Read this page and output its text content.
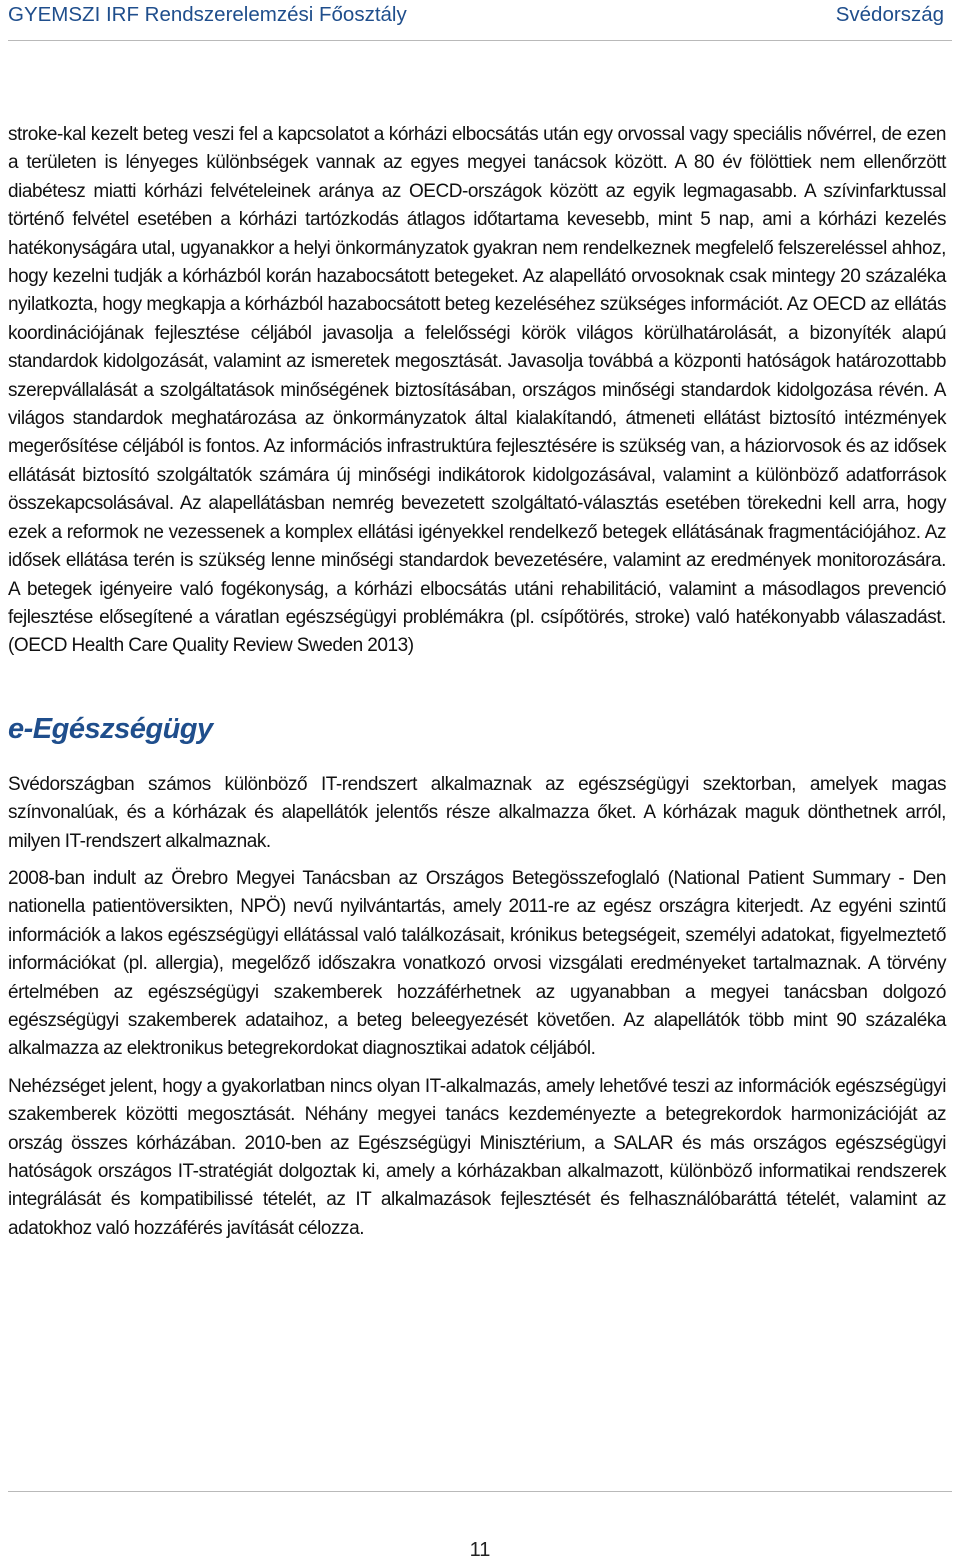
GYEMSZI IRF Rendszerelemzési Főosztály	Svédország

stroke-kal kezelt beteg veszi fel a kapcsolatot a kórházi elbocsátás után egy orvossal vagy speciális nővérrel, de ezen a területen is lényeges különbségek vannak az egyes megyei tanácsok között. A 80 év fölöttiek nem ellenőrzött diabétesz miatti kórházi felvételeinek aránya az OECD-országok között az egyik legmagasabb. A szívinfarktussal történő felvétel esetében a kórházi tartózkodás átlagos időtartama kevesebb, mint 5 nap, ami a kórházi kezelés hatékonyságára utal, ugyanakkor a helyi önkormányzatok gyakran nem rendelkeznek megfelelő felszereléssel ahhoz, hogy kezelni tudják a kórházból korán hazabocsátott betegeket. Az alapellátó orvosoknak csak mintegy 20 százaléka nyilatkozta, hogy megkapja a kórházból hazabocsátott beteg kezeléséhez szükséges információt. Az OECD az ellátás koordinációjának fejlesztése céljából javasolja a felelősségi körök világos körülhatárolását, a bizonyíték alapú standardok kidolgozását, valamint az ismeretek megosztását. Javasolja továbbá a központi hatóságok határozottabb szerepvállalását a szolgáltatások minőségének biztosításában, országos minőségi standardok kidolgozása révén. A világos standardok meghatározása az önkormányzatok által kialakítandó, átmeneti ellátást biztosító intézmények megerősítése céljából is fontos. Az információs infrastruktúra fejlesztésére is szükség van, a háziorvosok és az idősek ellátását biztosító szolgáltatók számára új minőségi indikátorok kidolgozásával, valamint a különböző adatforrások összekapcsolásával. Az alapellátásban nemrég bevezetett szolgáltató-választás esetében törekedni kell arra, hogy ezek a reformok ne vezessenek a komplex ellátási igényekkel rendelkező betegek ellátásának fragmentációjához. Az idősek ellátása terén is szükség lenne minőségi standardok bevezetésére, valamint az eredmények monitorozására. A betegek igényeire való fogékonyság, a kórházi elbocsátás utáni rehabilitáció, valamint a másodlagos prevenció fejlesztése elősegítené a váratlan egészségügyi problémákra (pl. csípőtörés, stroke) való hatékonyabb válaszadást. (OECD Health Care Quality Review Sweden 2013)

e-Egészségügy

Svédországban számos különböző IT-rendszert alkalmaznak az egészségügyi szektorban, amelyek magas színvonalúak, és a kórházak és alapellátók jelentős része alkalmazza őket. A kórházak maguk dönthetnek arról, milyen IT-rendszert alkalmaznak.

2008-ban indult az Örebro Megyei Tanácsban az Országos Betegösszefoglaló (National Patient Summary - Den nationella patientöversikten, NPÖ) nevű nyilvántartás, amely 2011-re az egész országra kiterjedt. Az egyéni szintű információk a lakos egészségügyi ellátással való találkozásait, krónikus betegségeit, személyi adatokat, figyelmeztető információkat (pl. allergia), megelőző időszakra vonatkozó orvosi vizsgálati eredményeket tartalmaznak. A törvény értelmében az egészségügyi szakemberek hozzáférhetnek az ugyanabban a megyei tanácsban dolgozó egészségügyi szakemberek adataihoz, a beteg beleegyezését követően. Az alapellátók több mint 90 százaléka alkalmazza az elektronikus betegrekordokat diagnosztikai adatok céljából.

Nehézséget jelent, hogy a gyakorlatban nincs olyan IT-alkalmazás, amely lehetővé teszi az információk egészségügyi szakemberek közötti megosztását. Néhány megyei tanács kezdeményezte a betegrekordok harmonizációját az ország összes kórházában. 2010-ben az Egészségügyi Minisztérium, a SALAR és más országos egészségügyi hatóságok országos IT-stratégiát dolgoztak ki, amely a kórházakban alkalmazott, különböző informatikai rendszerek integrálását és kompatibilissé tételét, az IT alkalmazások fejlesztését és felhasználóbaráttá tételét, valamint az adatokhoz való hozzáférés javítását célozza.

11
